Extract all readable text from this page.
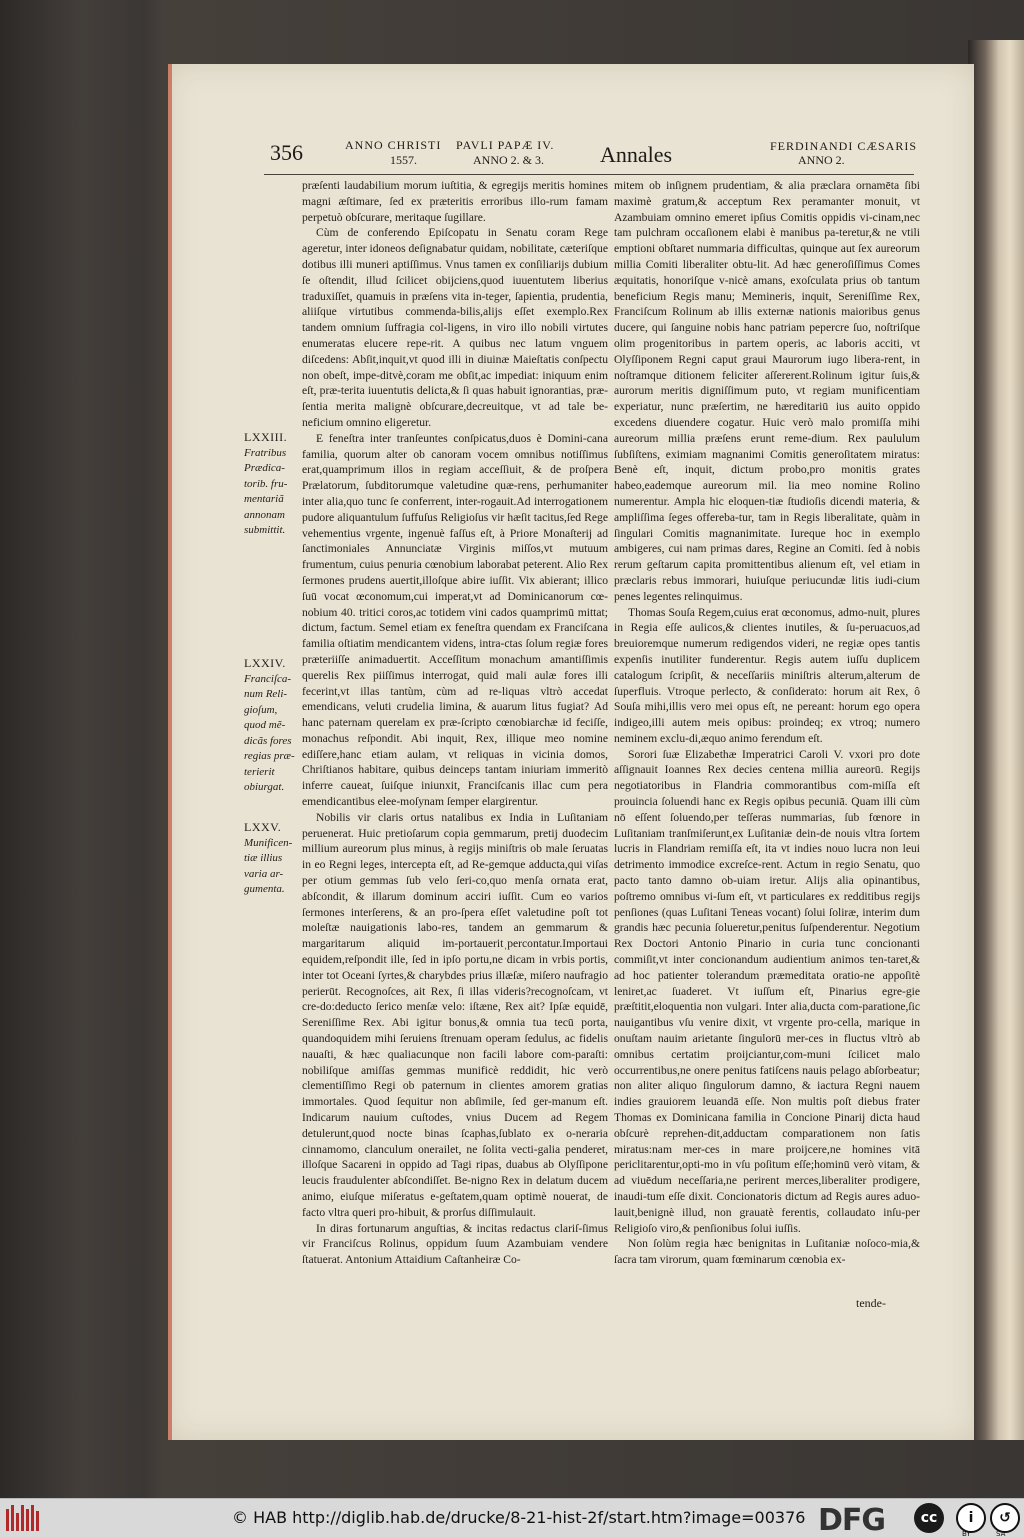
356	ANNO CHRISTI
1557.
PAVLI PAPÆ IV.
ANNO 2. & 3.	Annales	FERDINANDI CÆSARIS
ANNO 2.
LXXIII.
Fratribus Prædica-torib. fru-mentariã annonam submittit.
LXXIV.
Franciſca-num Reli-gioſum, quod mẽ-dicãs fores regias præ-terierit obiurgat.
LXXV.
Munificen-tiæ illius varia ar-gumenta.

præſenti laudabilium morum iuſtitia, & egregijs meritis homines magni æſtimare, ſed ex præteritis erroribus illo-rum famam perpetuò obſcurare, meritaque ſugillare.

Cùm de conferendo Epiſcopatu in Senatu coram Rege ageretur, inter idoneos deſignabatur quidam, nobilitate, cæteriſque dotibus illi muneri aptiſſimus. Vnus tamen ex conſiliarijs dubium ſe oſtendit, illud ſcilicet obijciens,quod iuuentutem liberius traduxiſſet, quamuis in præſens vita in-teger, ſapientia, prudentia, aliiſque virtutibus commenda-bilis,alijs eſſet exemplo.Rex tandem omnium ſuffragia col-ligens, in viro illo nobili virtutes enumeratas elucere repe-rit. A quibus nec latum vnguem diſcedens: Abſit,inquit,vt quod illi in diuinæ Maieſtatis conſpectu non obeſt, impe-ditvè,coram me obſit,ac impediat: iniquum enim eſt, præ-terita iuuentutis delicta,& ſi quas habuit ignorantias, præ-ſentia merita malignè obſcurare,decreuitque, vt ad tale be-neficium omnino eligeretur.

E feneſtra inter tranſeuntes conſpicatus,duos è Domini-cana familia, quorum alter ob canoram vocem omnibus notiſſimus erat,quamprimum illos in regiam acceſſiuit, & de proſpera Prælatorum, ſubditorumque valetudine quæ-rens, perhumaniter inter alia,quo tunc ſe conferrent, inter-rogauit.Ad interrogationem pudore aliquantulum ſuffuſus Religioſus vir hæſit tacitus,ſed Rege vehementius vrgente, ingenuè faſſus eſt, à Priore Monaſterij ad ſanctimoniales Annunciatæ Virginis miſſos,vt mutuum frumentum, cuius penuria cœnobium laborabat peterent. Alio Rex ſermones prudens auertit,illoſque abire iuſſit. Vix abierant; illico ſuū vocat œconomum,cui imperat,vt ad Dominicanorum cœ-nobium 40. tritici coros,ac totidem vini cados quamprimū mittat; dictum, factum. Semel etiam ex feneſtra quendam ex Franciſcana familia oſtiatim mendicantem videns, intra-ctas ſolum regiæ fores præteriiſſe animaduertit. Acceſſitum monachum amantiſſimis querelis Rex piiſſimus interrogat, quid mali aulæ fores illi fecerint,vt illas tantùm, cùm ad re-liquas vltrò accedat emendicans, veluti crudelia limina, & auarum litus fugiat? Ad hanc paternam querelam ex præ-ſcripto cœnobiarchæ id feciſſe, monachus reſpondit. Abi inquit, Rex, illique meo nomine ediſſere,hanc etiam aulam, vt reliquas in vicinia domos, Chriſtianos habitare, quibus deinceps tantam iniuriam immeritò inferre caueat, ſuiſque iniunxit, Franciſcanis illac cum pera emendicantibus elee-moſynam ſemper elargirentur.

Nobilis vir claris ortus natalibus ex India in Luſitaniam peruenerat. Huic pretioſarum copia gemmarum, pretij duodecim millium aureorum plus minus, à regijs miniſtris ob male ſeruatas in eo Regni leges, intercepta eſt, ad Re-gemque adducta,qui viſas per otium gemmas ſub velo ſeri-co,quo menſa ornata erat, abſcondit, & illarum dominum acciri iuſſit. Cum eo varios ſermones interſerens, & an pro-ſpera eſſet valetudine poſt tot moleſtæ nauigationis labo-res, tandem an gemmarum & margaritarum aliquid im-portaueritˌpercontatur.Importaui equidem,reſpondit ille, ſed in ipſo portu,ne dicam in vrbis portis, inter tot Oceani ſyrtes,& charybdes prius illæſæ, miſero naufragio perierūt. Recognoſces, ait Rex, ſi illas videris?recognoſcam, vt cre-do:deducto ſerico menſæ velo: iſtæne, Rex ait? Ipſæ equidē, Sereniſſime Rex. Abi igitur bonus,& omnia tua tecū porta, quandoquidem mihi ſeruiens ſtrenuam operam ſedulus, ac fidelis nauaſti, & hæc qualiacunque non facili labore com-paraſti: nobiliſque amiſſas gemmas munificè reddidit, hic verò clementiſſimo Regi ob paternum in clientes amorem gratias immortales. Quod ſequitur non abſimile, ſed ger-manum eſt. Indicarum nauium cuſtodes, vnius Ducem ad Regem detulerunt,quod nocte binas ſcaphas,ſublato ex o-neraria cinnamomo, clanculum onerailet, ne ſolita vecti-galia penderet, illoſque Sacareni in oppido ad Tagi ripas, duabus ab Olyſſipone leucis fraudulenter abſcondiſſet. Be-nigno Rex in delatum ducem animo, eiuſque miſeratus e-geſtatem,quam optimè nouerat, de facto vltra queri pro-hibuit, & prorſus diſſimulauit.

In diras fortunarum anguſtias, & incitas redactus clariſ-ſimus vir Franciſcus Rolinus, oppidum ſuum Azambuiam vendere ſtatuerat. Antonium Attaidium Caſtanheiræ Co-

mitem ob inſignem prudentiam, & alia præclara ornamēta ſibi maximè gratum,& acceptum Rex peramanter monuit, vt Azambuiam omnino emeret ipſius Comitis oppidis vi-cinam,nec tam pulchram occaſionem elabi è manibus pa-teretur,& ne vtili emptioni obſtaret nummaria difficultas, quinque aut ſex aureorum millia Comiti liberaliter obtu-lit. Ad hæc generoſiſſimus Comes æquitatis, honoriſque v-nicè amans, exoſculata prius ob tantum beneficium Regis manu; Memineris, inquit, Sereniſſime Rex, Franciſcum Rolinum ab illis externæ nationis maioribus genus ducere, qui ſanguine nobis hanc patriam pepercre ſuo, noſtriſque olim progenitoribus in partem operis, ac laboris acciti, vt Olyſſiponem Regni caput graui Maurorum iugo libera-rent, in noſtramque ditionem feliciter aſſererent.Rolinum igitur ſuis,& aurorum meritis digniſſimum puto, vt regiam munificentiam experiatur, nunc præſertim, ne hæreditariū ius auito oppido excedens diuendere cogatur. Huic verò malo promiſſa mihi aureorum millia præſens erunt reme-dium. Rex paululum ſubſiſtens, eximiam magnanimi Comitis generoſitatem miratus: Benè eſt, inquit, dictum probo,pro monitis grates habeo,eademque aureorum mil. lia meo nomine Rolino numerentur. Ampla hic eloquen-tiæ ſtudioſis dicendi materia, & ampliſſima ſeges offereba-tur, tam in Regis liberalitate, quàm in ſingulari Comitis magnanimitate. Iureque hoc in exemplo ambigeres, cui nam primas dares, Regine an Comiti. ſed à nobis rerum geſtarum capita promittentibus alienum eſt, vel etiam in præclaris rebus immorari, huiuſque periucundæ litis iudi-cium penes legentes relinquimus.

Thomas Souſa Regem,cuius erat œconomus, admo-nuit, plures in Regia eſſe aulicos,& clientes inutiles, & ſu-peruacuos,ad breuioremque numerum redigendos videri, ne regiæ opes tantis expenſis inutiliter funderentur. Regis autem iuſſu duplicem catalogum ſcripſit, & neceſſariis miniſtris alterum,alterum de ſuperfluis. Vtroque perlecto, & conſiderato: horum ait Rex, ô Souſa mihi,illis vero mei opus eſt, ne pereant: horum ego opera indigeo,illi autem meis opibus: proindeq; ex vtroq; numero neminem exclu-di,æquo animo ferendum eſt.

Sorori ſuæ Elizabethæ Imperatrici Caroli V. vxori pro dote aſſignauit Ioannes Rex decies centena millia aureorū. Regijs negotiatoribus in Flandria commorantibus com-miſſa eſt prouincia ſoluendi hanc ex Regis opibus pecuniā. Quam illi cùm nō eſſent ſoluendo,per teſſeras nummarias, ſub fœnore in Luſitaniam tranſmiſerunt,ex Luſitaniæ dein-de nouis vltra ſortem lucris in Flandriam remiſſa eſt, ita vt indies nouo lucra non leui detrimento immodice excreſce-rent. Actum in regio Senatu, quo pacto tanto damno ob-uiam iretur. Alijs alia opinantibus, poſtremo omnibus vi-ſum eſt, vt particulares ex redditibus regijs penſiones (quas Luſitani Teneas vocant) ſolui ſoliræ, interim dum grandis hæc pecunia ſolueretur,penitus ſuſpenderentur. Negotium Rex Doctori Antonio Pinario in curia tunc concionanti commiſit,vt inter concionandum audientium animos ten-taret,& ad hoc patienter tolerandum præmeditata oratio-ne appoſitè leniret,ac ſuaderet. Vt iuſſum eſt, Pinarius egre-gie præſtitit,eloquentia non vulgari. Inter alia,ducta com-paratione,ſic nauigantibus vſu venire dixit, vt vrgente pro-cella, marique in onuſtam nauim arietante ſingulorū mer-ces in fluctus vltrò ab omnibus certatim proijciantur,com-muni ſcilicet malo occurrentibus,ne onere penitus fatiſcens nauis pelago abſorbeatur; non aliter aliquo ſingulorum damno, & iactura Regni nauem indies grauiorem leuandā eſſe. Non multis poſt diebus frater Thomas ex Dominicana familia in Concione Pinarij dicta haud obſcurè reprehen-dit,adductam comparationem non ſatis miratus:nam mer-ces in mare proijcere,ne homines vitā periclitarentur,opti-mo in vſu poſitum eſſe;hominū verò vitam, & ad viuēdum neceſſaria,ne perirent merces,liberaliter prodigere, inaudi-tum eſſe dixit. Concionatoris dictum ad Regis aures aduo-lauit,benignè illud, non grauatè ferentis, collaudato inſu-per Religioſo viro,& penſionibus ſolui iuſſis.

Non ſolùm regia hæc benignitas in Luſitaniæ noſoco-mia,& ſacra tam virorum, quam fœminarum cœnobia ex-

tende-
© HAB http://diglib.hab.de/drucke/8-21-hist-2f/start.htm?image=00376 DFG	cc	i	↺
BY	SA
